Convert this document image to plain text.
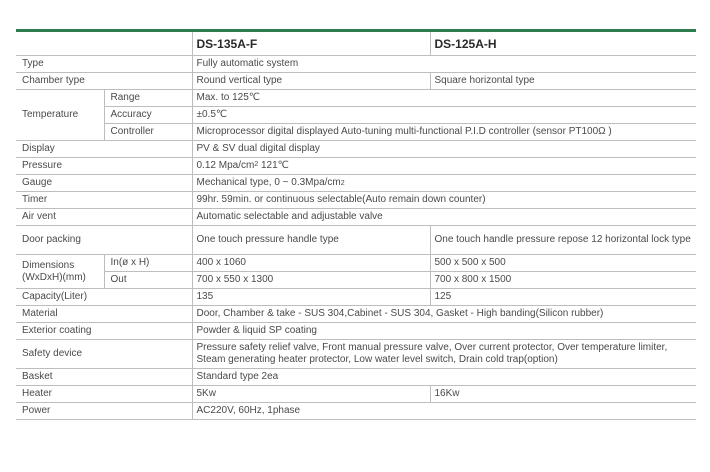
		DS-135A-F	DS-125A-H
Type		Fully automatic system	
Chamber type		Round vertical type	Square horizontal type
Temperature	Range	Max. to 125℃	
	Accuracy	±0.5℃	
	Controller	Microprocessor digital displayed Auto-tuning multi-functional P.I.D controller (sensor PT100Ω )	
Display		PV & SV dual digital display	
Pressure		0.12 Mpa/$cm^2$ 121℃	
Gauge		Mechanical type, 0 ~ 0.3Mpa/cm2	
Timer		99hr. 59min. or continuous selectable(Auto remain down counter)	
Air vent		Automatic selectable and adjustable valve	
Door packing		One touch pressure handle type	One touch handle pressure repose 12 horizontal lock type

Dimensions
(WxDxH)(mm)	In(ø x H)	400 x 1060	500 x 500 x 500
	Out	700 x 550 x 1300	700 x 800 x 1500
Capacity(Liter)		135	125
Material		Door, Chamber & take - SUS 304,Cabinet - SUS 304, Gasket - High banding(Silicon rubber)	
Exterior coating		Powder & liquid SP coating	
Safety device		Pressure safety relief valve, Front manual pressure valve, Over current protector, Over temperature limiter, Steam generating heater protector, Low water level switch, Drain cold trap(option)	
Basket		Standard type 2ea	
Heater		5Kw	16Kw
Power		AC220V, 60Hz, 1phase	
